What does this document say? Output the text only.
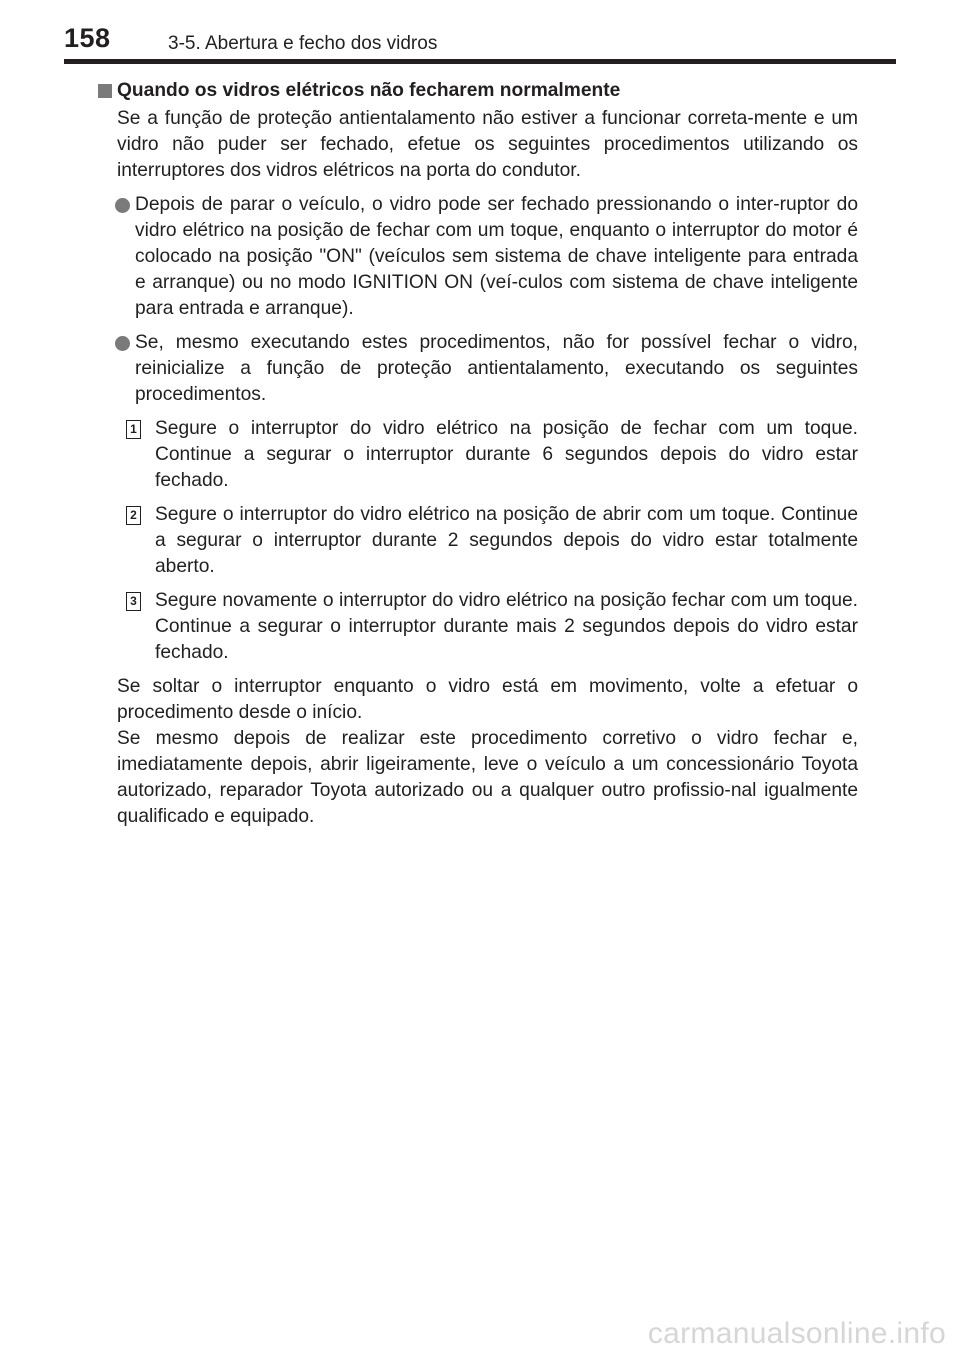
158	3-5. Abertura e fecho dos vidros
Quando os vidros elétricos não fecharem normalmente
Se a função de proteção antientalamento não estiver a funcionar correta-mente e um vidro não puder ser fechado, efetue os seguintes procedimentos utilizando os interruptores dos vidros elétricos na porta do condutor.
Depois de parar o veículo, o vidro pode ser fechado pressionando o inter-ruptor do vidro elétrico na posição de fechar com um toque, enquanto o interruptor do motor é colocado na posição "ON" (veículos sem sistema de chave inteligente para entrada e arranque) ou no modo IGNITION ON (veí-culos com sistema de chave inteligente para entrada e arranque).
Se, mesmo executando estes procedimentos, não for possível fechar o vidro, reinicialize a função de proteção antientalamento, executando os seguintes procedimentos.
1 Segure o interruptor do vidro elétrico na posição de fechar com um toque. Continue a segurar o interruptor durante 6 segundos depois do vidro estar fechado.
2 Segure o interruptor do vidro elétrico na posição de abrir com um toque. Continue a segurar o interruptor durante 2 segundos depois do vidro estar totalmente aberto.
3 Segure novamente o interruptor do vidro elétrico na posição fechar com um toque. Continue a segurar o interruptor durante mais 2 segundos depois do vidro estar fechado.

Se soltar o interruptor enquanto o vidro está em movimento, volte a efetuar o procedimento desde o início.

Se mesmo depois de realizar este procedimento corretivo o vidro fechar e, imediatamente depois, abrir ligeiramente, leve o veículo a um concessionário Toyota autorizado, reparador Toyota autorizado ou a qualquer outro profissio-nal igualmente qualificado e equipado.

carmanualsonline.info
